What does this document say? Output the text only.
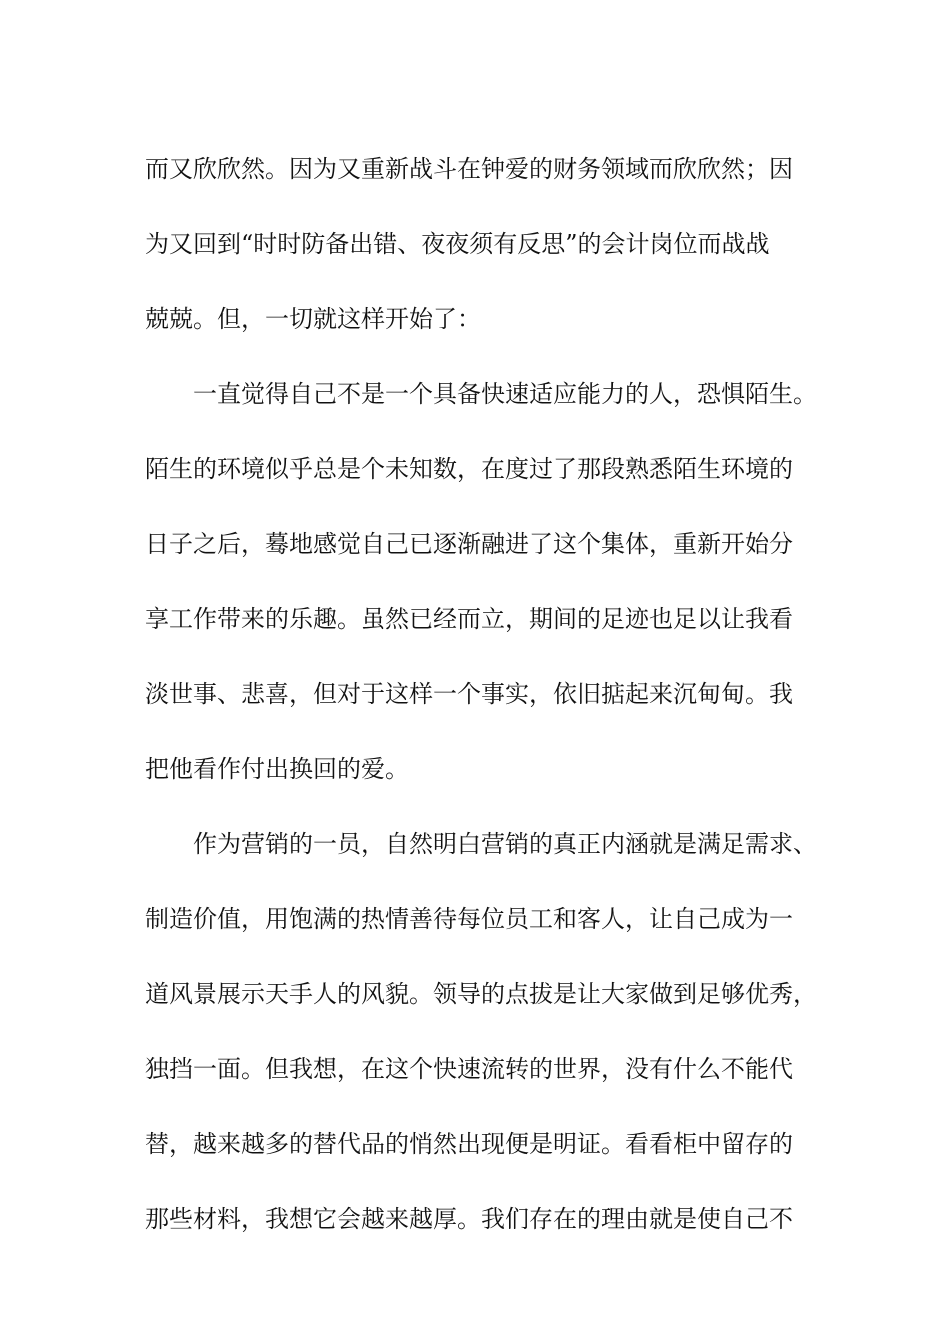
而又欣欣然。因为又重新战斗在钟爱的财务领域而欣欣然；因
为又回到“时时防备出错、夜夜须有反思”的会计岗位而战战
兢兢。但，一切就这样开始了：
一直觉得自己不是一个具备快速适应能力的人，恐惧陌生。
陌生的环境似乎总是个未知数，在度过了那段熟悉陌生环境的
日子之后，蓦地感觉自己已逐渐融进了这个集体，重新开始分
享工作带来的乐趣。虽然已经而立，期间的足迹也足以让我看
淡世事、悲喜，但对于这样一个事实，依旧掂起来沉甸甸。我
把他看作付出换回的爱。
作为营销的一员，自然明白营销的真正内涵就是满足需求、
制造价值，用饱满的热情善待每位员工和客人，让自己成为一
道风景展示天手人的风貌。领导的点拔是让大家做到足够优秀，
独挡一面。但我想，在这个快速流转的世界，没有什么不能代
替，越来越多的替代品的悄然出现便是明证。看看柜中留存的
那些材料，我想它会越来越厚。我们存在的理由就是使自己不
